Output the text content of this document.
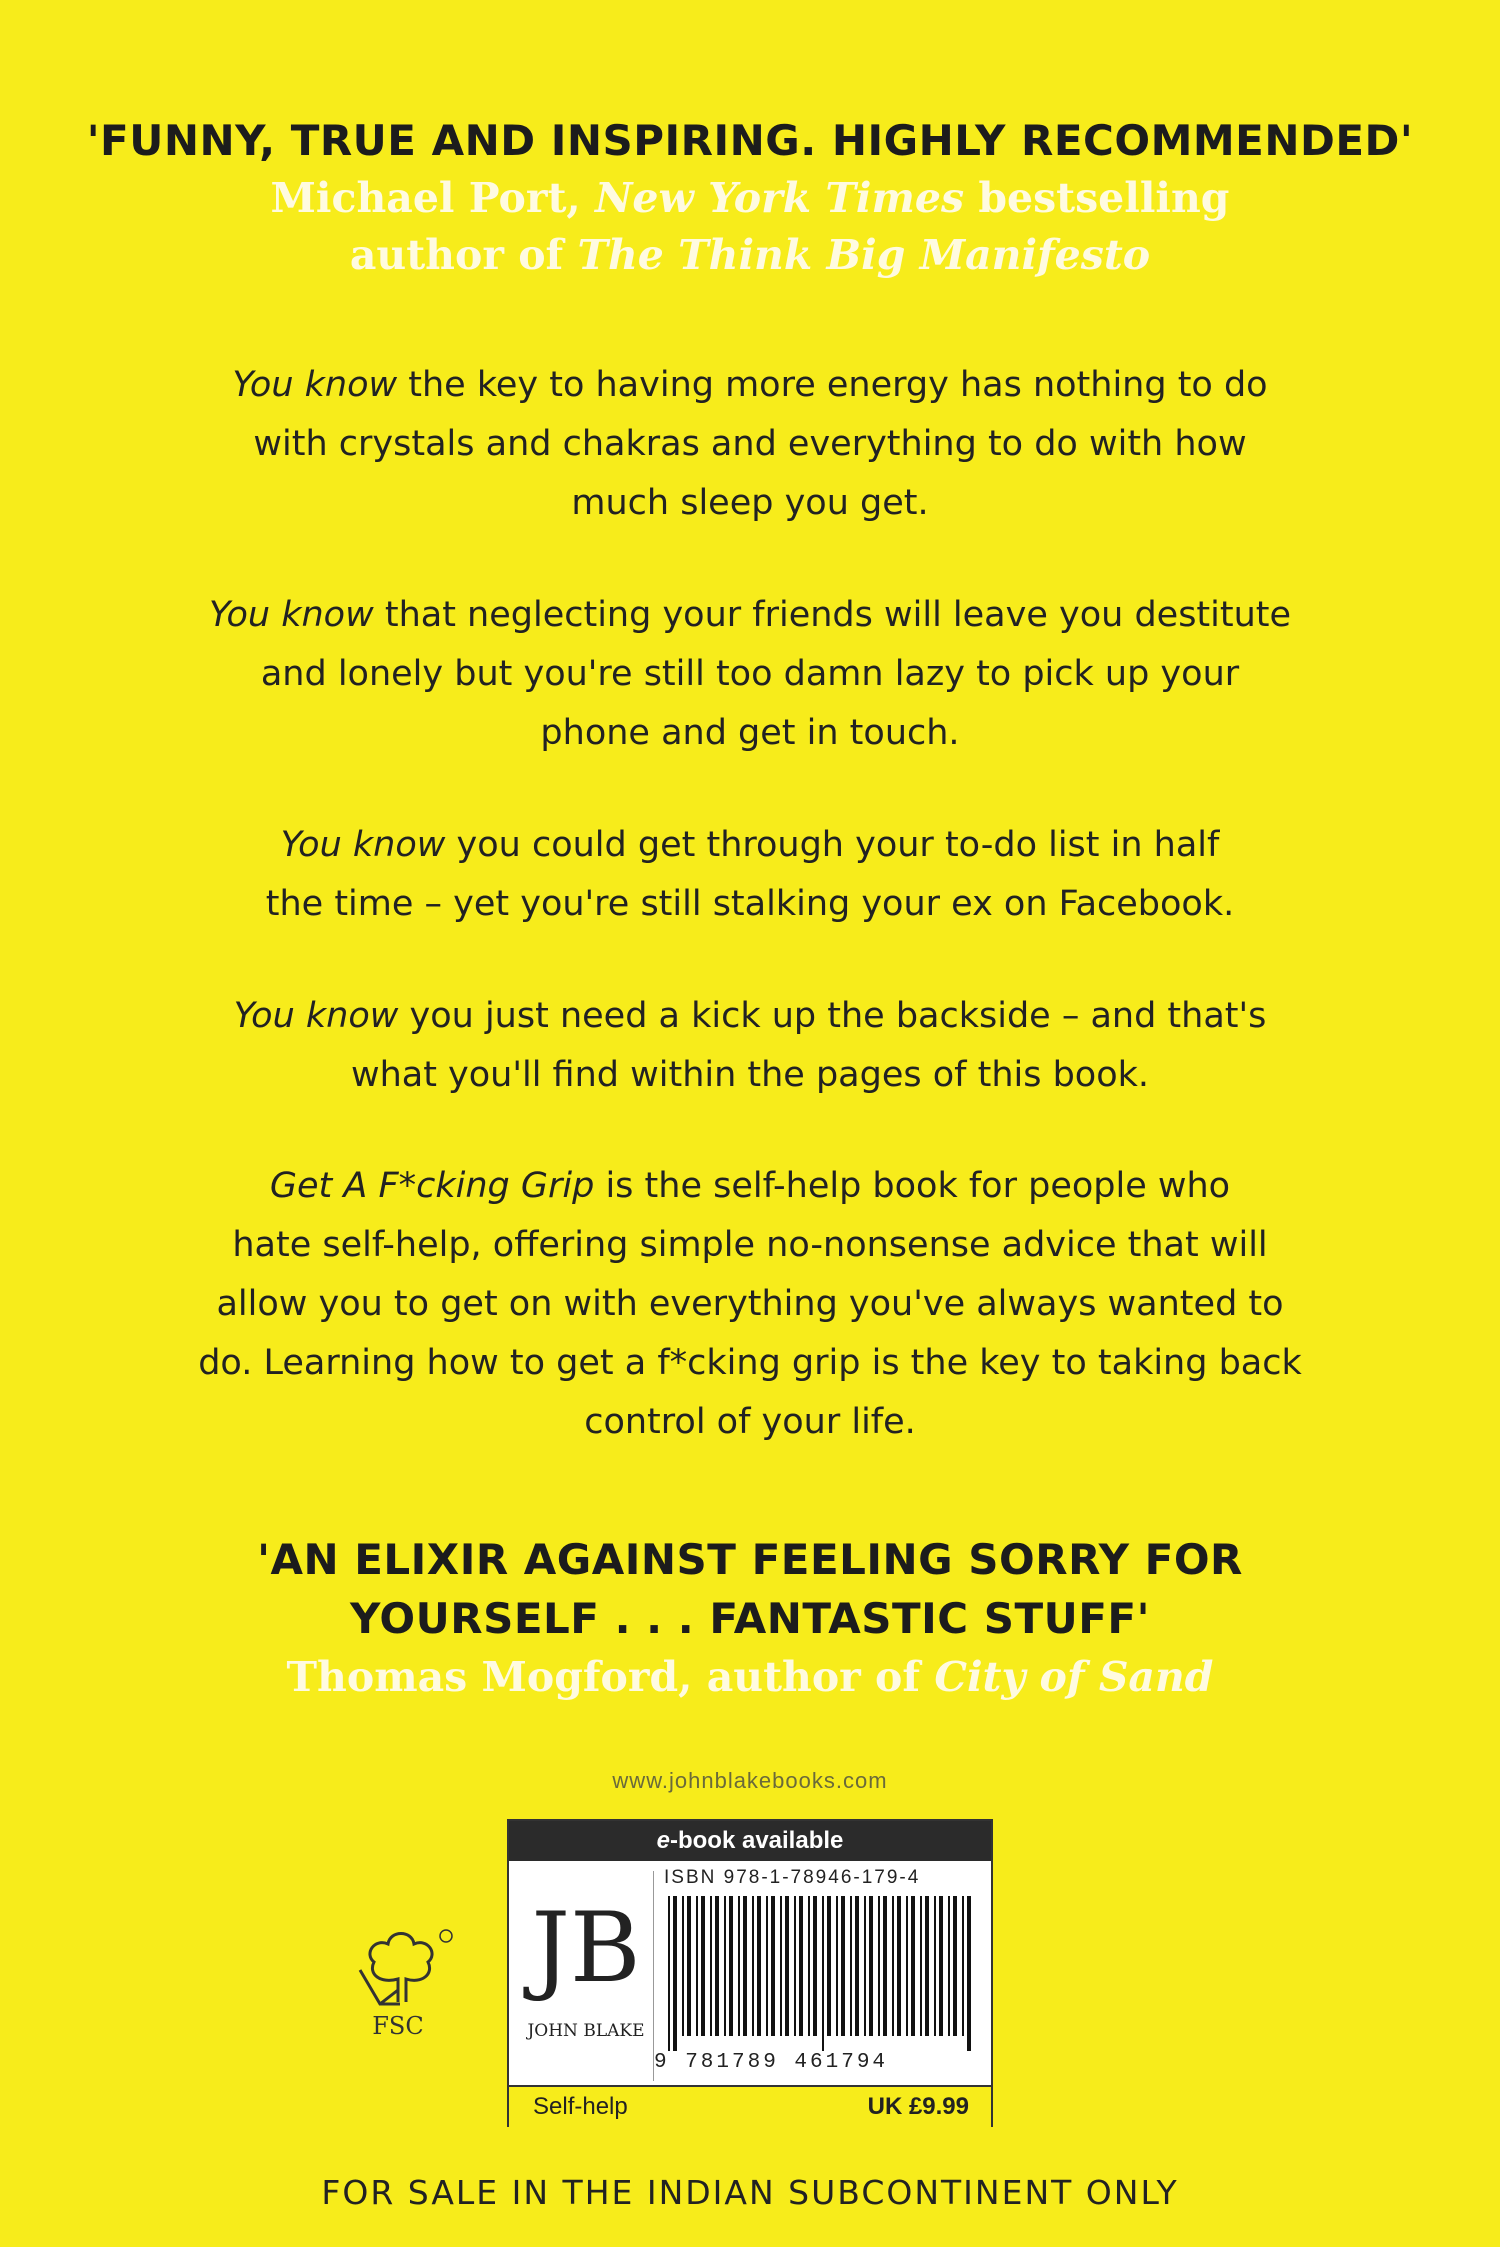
'FUNNY, TRUE AND INSPIRING. HIGHLY RECOMMENDED'
Michael Port, New York Times bestselling
author of The Think Big Manifesto
You know the key to having more energy has nothing to do
with crystals and chakras and everything to do with how
much sleep you get.
You know that neglecting your friends will leave you destitute
and lonely but you're still too damn lazy to pick up your
phone and get in touch.
You know you could get through your to-do list in half
the time – yet you're still stalking your ex on Facebook.
You know you just need a kick up the backside – and that's
what you'll find within the pages of this book.
Get A F*cking Grip is the self-help book for people who
hate self-help, offering simple no-nonsense advice that will
allow you to get on with everything you've always wanted to
do. Learning how to get a f*cking grip is the key to taking back
control of your life.
'AN ELIXIR AGAINST FEELING SORRY FOR
YOURSELF . . . FANTASTIC STUFF'
Thomas Mogford, author of City of Sand
www.johnblakebooks.com
FSC
e-book available
JB
JOHN BLAKE
ISBN 978-1-78946-179-4
9 781789 461794
Self-help	UK £9.99
FOR SALE IN THE INDIAN SUBCONTINENT ONLY
